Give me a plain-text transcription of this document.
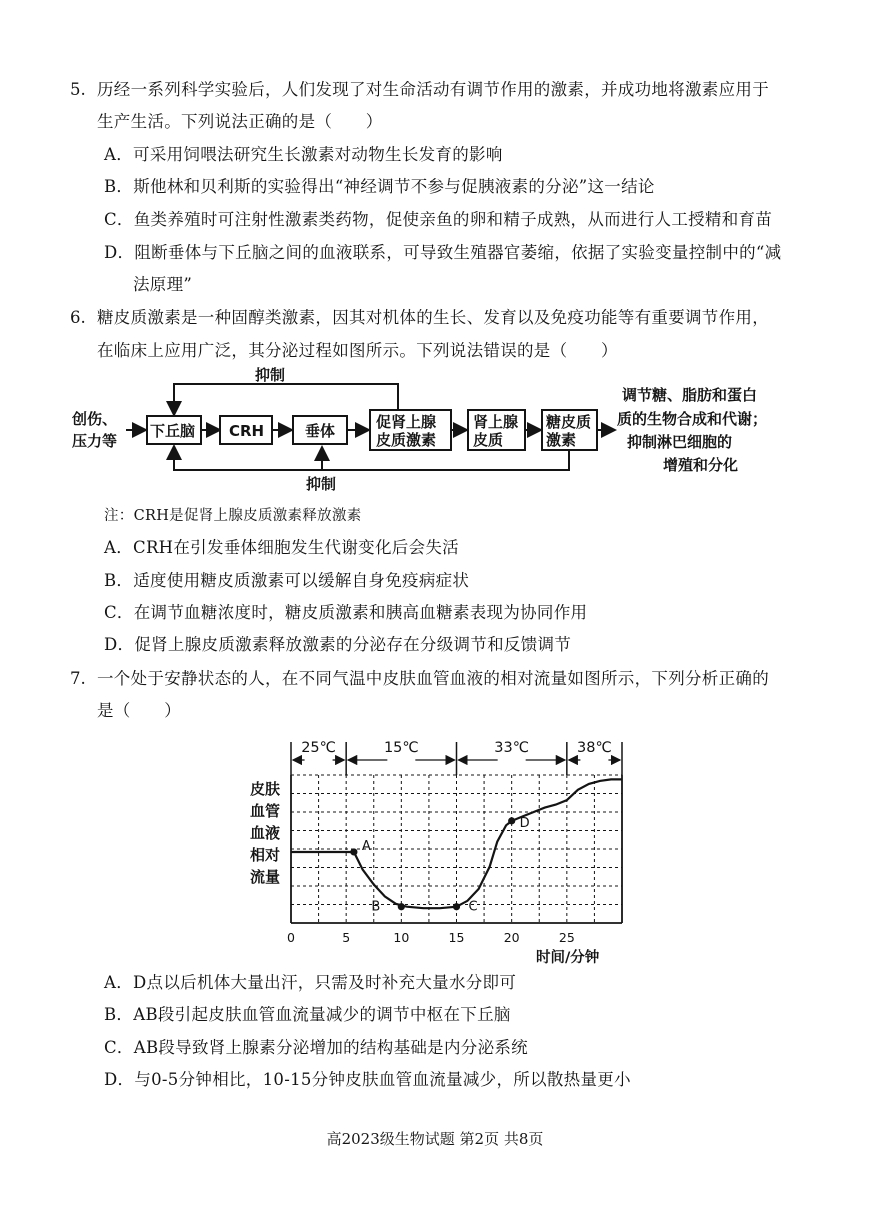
5. 历经一系列科学实验后，人们发现了对生命活动有调节作用的激素，并成功地将激素应用于
生产生活。下列说法正确的是（　　）
A．可采用饲喂法研究生长激素对动物生长发育的影响
B．斯他林和贝利斯的实验得出“神经调节不参与促胰液素的分泌”这一结论
C．鱼类养殖时可注射性激素类药物，促使亲鱼的卵和精子成熟，从而进行人工授精和育苗
D．阻断垂体与下丘脑之间的血液联系，可导致生殖器官萎缩，依据了实验变量控制中的“减
法原理”
6. 糖皮质激素是一种固醇类激素，因其对机体的生长、发育以及免疫功能等有重要调节作用，
在临床上应用广泛，其分泌过程如图所示。下列说法错误的是（　　）
创伤、
压力等
下丘脑 CRH	垂体	促肾上腺
皮质激素
肾上腺
皮质
糖皮质
激素
抑制
抑制
调节糖、脂肪和蛋白
质的生物合成和代谢；
抑制淋巴细胞的
增殖和分化
注：CRH是促肾上腺皮质激素释放激素
A．CRH在引发垂体细胞发生代谢变化后会失活
B．适度使用糖皮质激素可以缓解自身免疫病症状
C．在调节血糖浓度时，糖皮质激素和胰高血糖素表现为协同作用
D．促肾上腺皮质激素释放激素的分泌存在分级调节和反馈调节
7. 一个处于安静状态的人，在不同气温中皮肤血管血液的相对流量如图所示，下列分析正确的
是（　　）
25℃	15℃	33℃	38℃
皮肤
血管
血液
相对
流量
0	5	10	15	20	25
A
B	C
D
时间/分钟
A．D点以后机体大量出汗，只需及时补充大量水分即可
B．AB段引起皮肤血管血流量减少的调节中枢在下丘脑
C．AB段导致肾上腺素分泌增加的结构基础是内分泌系统
D．与0-5分钟相比，10-15分钟皮肤血管血流量减少，所以散热量更小
高2023级生物试题 第2页 共8页
